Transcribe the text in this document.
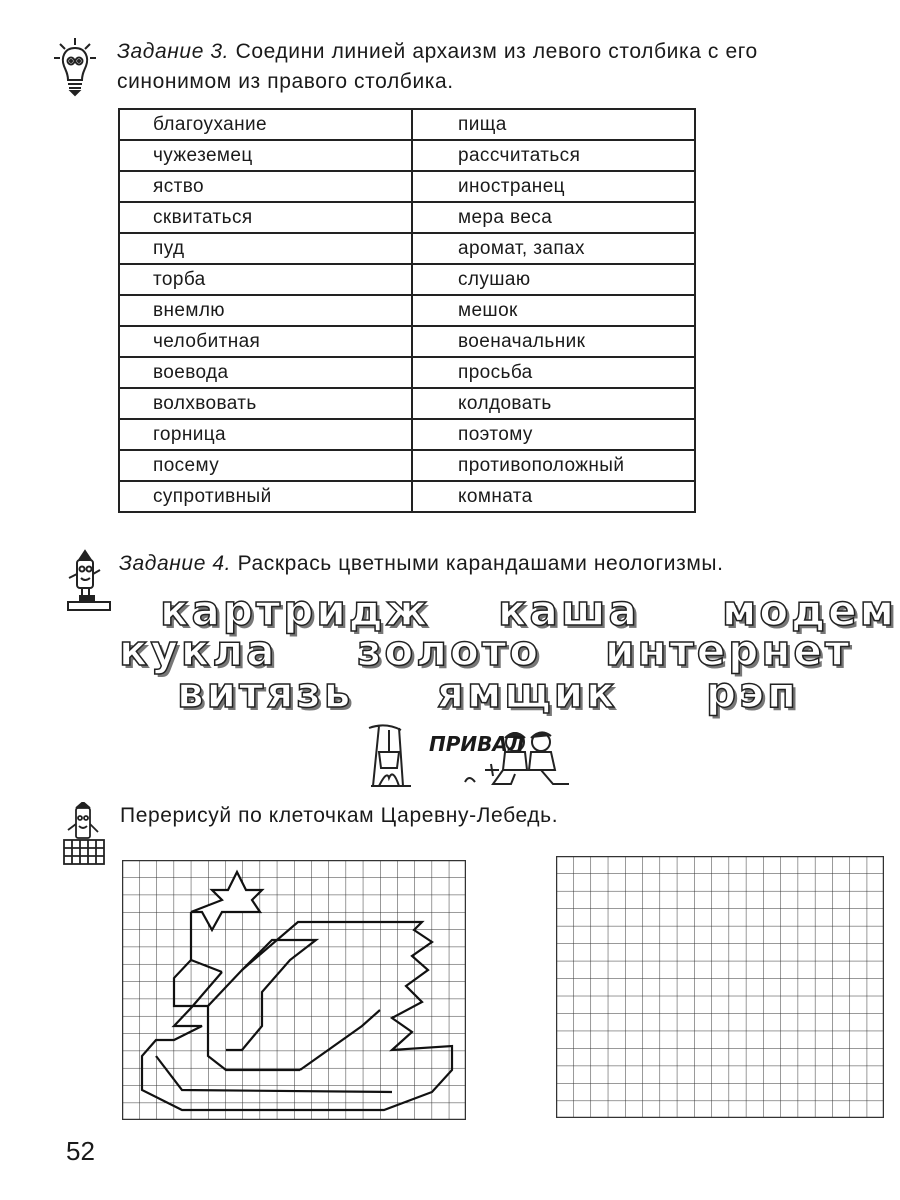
Задание 3. Соедини линией архаизм из левого столбика с его
синонимом из правого столбика.
благоухание	пища
чужеземец	рассчитаться
яство	иностранец
сквитаться	мера веса
пуд	аромат, запах
торба	слушаю
внемлю	мешок
челобитная	военачальник
воевода	просьба
волхвовать	колдовать
горница	поэтому
посему	противоположный
супротивный	комната
Задание 4. Раскрась цветными карандашами неологизмы.
картридж каша модем
кукла золото интернет
витязь ямщик рэп
ПРИВАЛ
Перерисуй по клеточкам Царевну-Лебедь.
52
